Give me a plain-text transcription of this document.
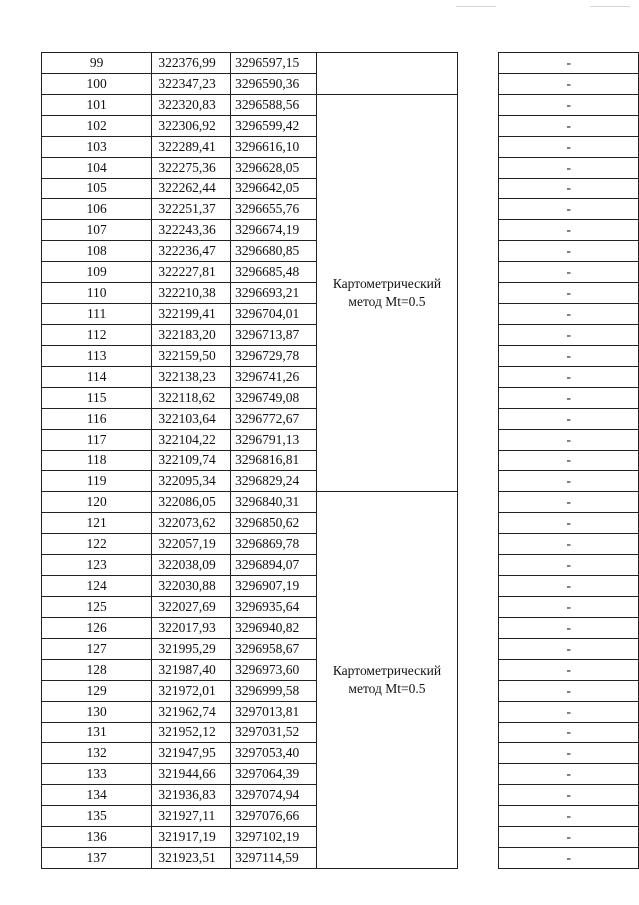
99	322376,99	3296597,15			-
100	322347,23	3296590,36			-
101	322320,83	3296588,56	Картометрический метод Mt=0.5		-
102	322306,92	3296599,42			-
103	322289,41	3296616,10			-
104	322275,36	3296628,05			-
105	322262,44	3296642,05			-
106	322251,37	3296655,76			-
107	322243,36	3296674,19			-
108	322236,47	3296680,85			-
109	322227,81	3296685,48			-
110	322210,38	3296693,21			-
111	322199,41	3296704,01			-
112	322183,20	3296713,87			-
113	322159,50	3296729,78			-
114	322138,23	3296741,26			-
115	322118,62	3296749,08			-
116	322103,64	3296772,67			-
117	322104,22	3296791,13			-
118	322109,74	3296816,81			-
119	322095,34	3296829,24			-
120	322086,05	3296840,31	Картометрический метод Mt=0.5		-
121	322073,62	3296850,62			-
122	322057,19	3296869,78			-
123	322038,09	3296894,07			-
124	322030,88	3296907,19			-
125	322027,69	3296935,64			-
126	322017,93	3296940,82			-
127	321995,29	3296958,67			-
128	321987,40	3296973,60			-
129	321972,01	3296999,58			-
130	321962,74	3297013,81			-
131	321952,12	3297031,52			-
132	321947,95	3297053,40			-
133	321944,66	3297064,39			-
134	321936,83	3297074,94			-
135	321927,11	3297076,66			-
136	321917,19	3297102,19			-
137	321923,51	3297114,59			-
